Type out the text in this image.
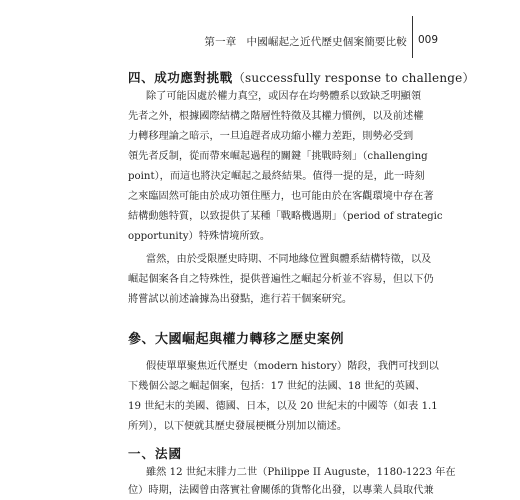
第一章 中國崛起之近代歷史個案簡要比較 009
四、成功應對挑戰（successfully response to challenge）
除了可能因處於權力真空，或因存在均勢體系以致缺乏明顯領
先者之外，根據國際結構之階層性特徵及其權力慣例，以及前述權
力轉移理論之暗示，一旦追趕者成功縮小權力差距，則勢必受到
領先者反制，從而帶來崛起過程的關鍵「挑戰時刻」（challenging
point），而這也將決定崛起之最終結果。值得一提的是，此一時刻
之來臨固然可能由於成功領住壓力，也可能由於在客觀環境中存在著
結構動態特質，以致提供了某種「戰略機遇期」（period of strategic
opportunity）特殊情境所致。
當然，由於受限歷史時期、不同地緣位置與體系結構特徵，以及
崛起個案各自之特殊性，提供普遍性之崛起分析並不容易，但以下仍
將嘗試以前述論據為出發點，進行若干個案研究。
參、大國崛起與權力轉移之歷史案例
假使單單聚焦近代歷史（modern history）階段，我們可找到以
下幾個公認之崛起個案，包括：17 世紀的法國、18 世紀的英國、
19 世紀末的美國、德國、日本，以及 20 世紀末的中國等（如表 1.1
所列），以下便就其歷史發展梗概分別加以簡述。
一、法國
雖然 12 世紀末腓力二世（Philippe II Auguste，1180-1223 年在
位）時期，法國曾由落實社會關係的貨幣化出發，以專業人員取代兼
